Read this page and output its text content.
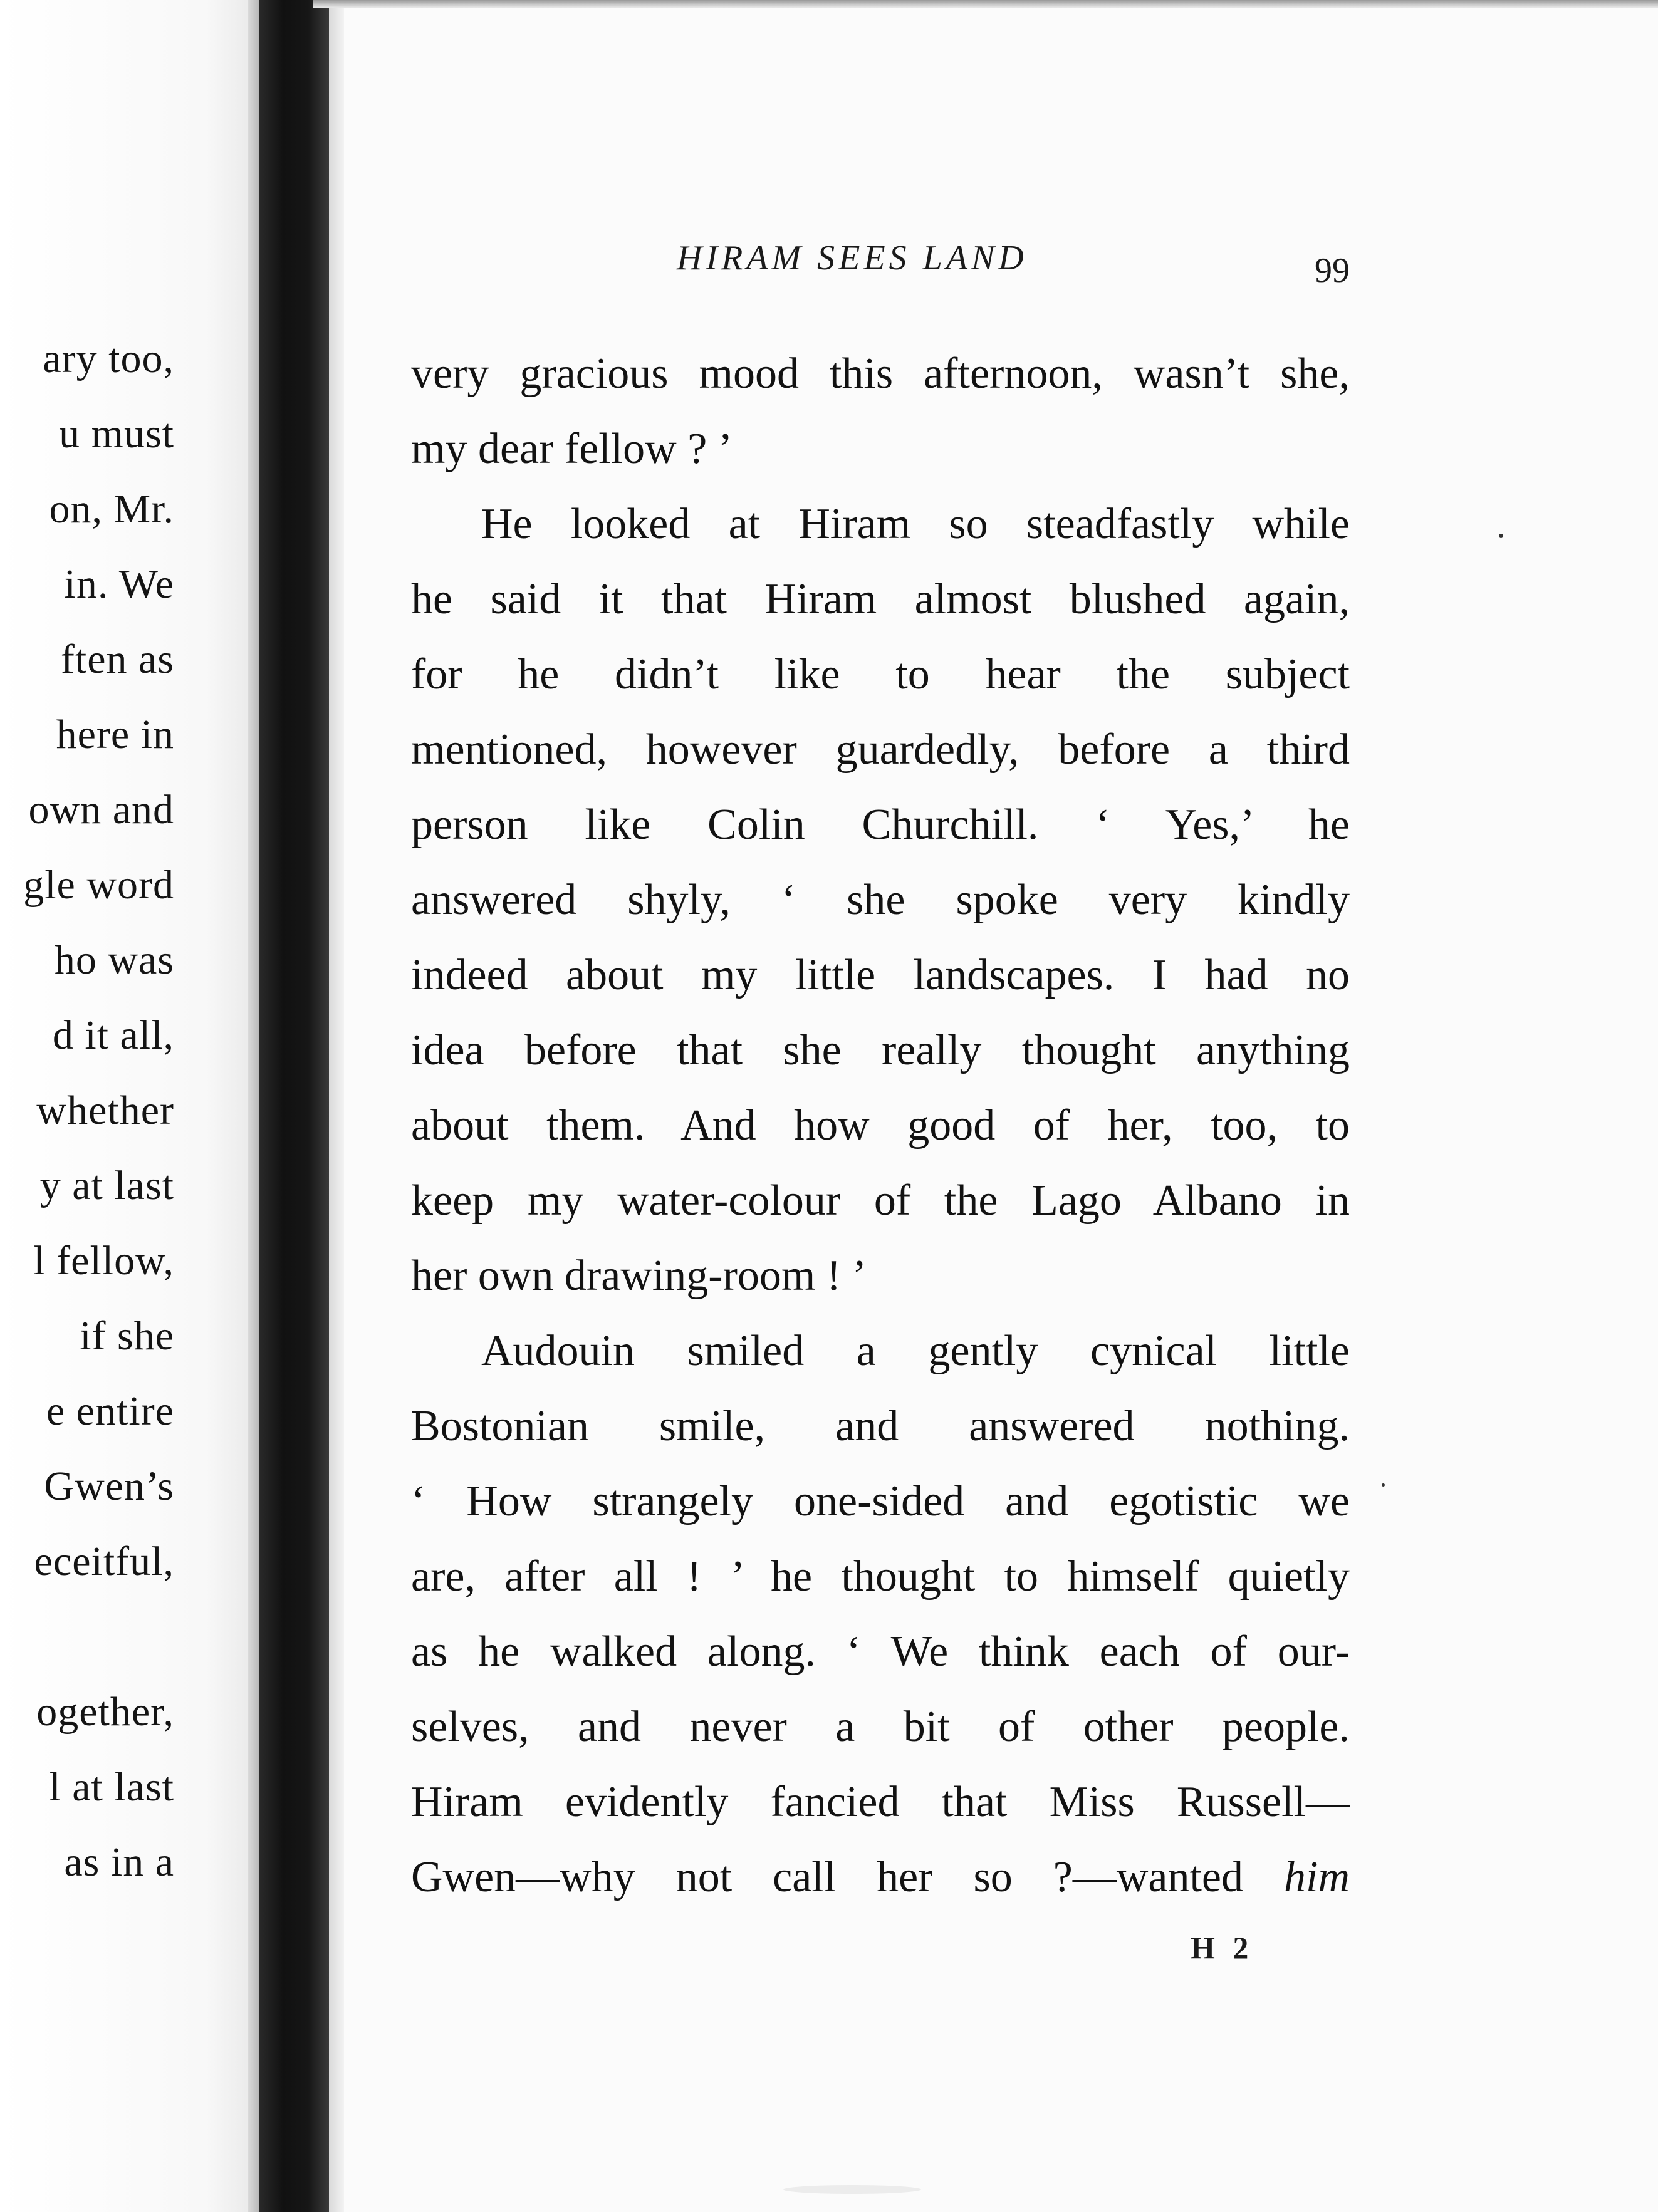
ary too,
u must
on, Mr.
in. We
ften as
here in
own and
gle word
ho was
d it all,
whether
y at last
l fellow,
if she
e entire
Gwen’s
eceitful,
ogether,
l at last
as in a
HIRAM SEES LAND	99
very gracious mood this afternoon, wasn’t she,
my dear fellow ? ’
He looked at Hiram so steadfastly while
he said it that Hiram almost blushed again,
for he didn’t like to hear the subject
mentioned, however guardedly, before a third
person like Colin Churchill. ‘ Yes,’ he
answered shyly, ‘ she spoke very kindly
indeed about my little landscapes. I had no
idea before that she really thought anything
about them. And how good of her, too, to
keep my water-colour of the Lago Albano in
her own drawing-room ! ’
Audouin smiled a gently cynical little
Bostonian smile, and answered nothing.
‘ How strangely one-sided and egotistic we
are, after all ! ’ he thought to himself quietly
as he walked along. ‘ We think each of our-
selves, and never a bit of other people.
Hiram evidently fancied that Miss Russell—
Gwen—why not call her so ?—wanted him
H 2
